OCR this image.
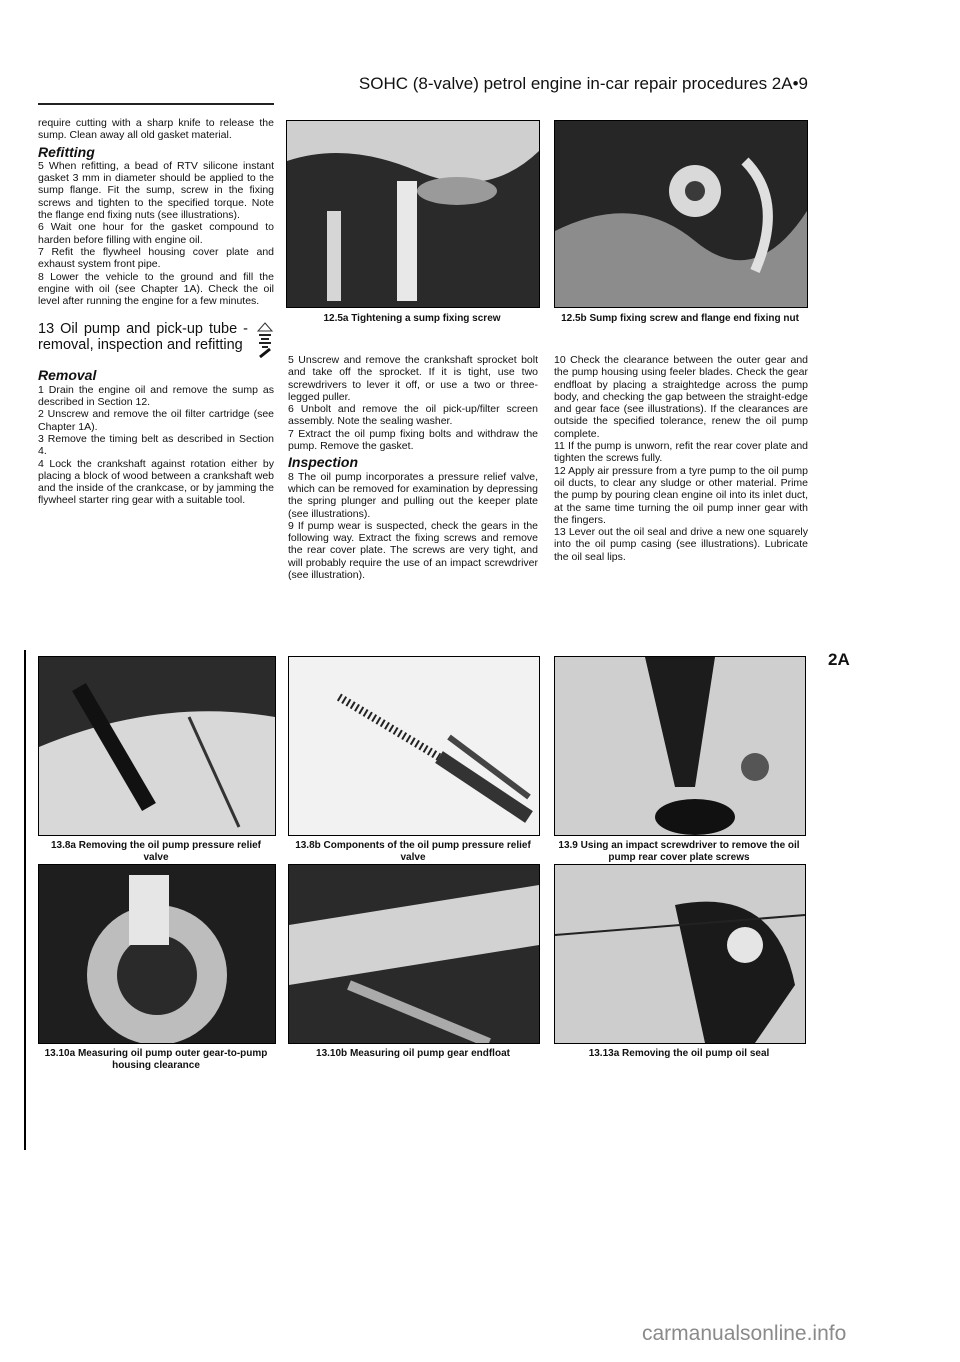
SOHC (8-valve) petrol engine in-car repair procedures 2A•9

require cutting with a sharp knife to release the sump. Clean away all old gasket material.

Refitting

5 When refitting, a bead of RTV silicone instant gasket 3 mm in diameter should be applied to the sump flange. Fit the sump, screw in the fixing screws and tighten to the specified torque. Note the flange end fixing nuts (see illustrations).

6 Wait one hour for the gasket compound to harden before filling with engine oil.

7 Refit the flywheel housing cover plate and exhaust system front pipe.

8 Lower the vehicle to the ground and fill the engine with oil (see Chapter 1A). Check the oil level after running the engine for a few minutes.

13 Oil pump and pick-up tube - removal, inspection and refitting
Removal

1 Drain the engine oil and remove the sump as described in Section 12.

2 Unscrew and remove the oil filter cartridge (see Chapter 1A).

3 Remove the timing belt as described in Section 4.

4 Lock the crankshaft against rotation either by placing a block of wood between a crankshaft web and the inside of the crankcase, or by jamming the flywheel starter ring gear with a suitable tool.

5 Unscrew and remove the crankshaft sprocket bolt and take off the sprocket. If it is tight, use two screwdrivers to lever it off, or use a two or three-legged puller.

6 Unbolt and remove the oil pick-up/filter screen assembly. Note the sealing washer.

7 Extract the oil pump fixing bolts and withdraw the pump. Remove the gasket.

Inspection

8 The oil pump incorporates a pressure relief valve, which can be removed for examination by depressing the spring plunger and pulling out the keeper plate (see illustrations).

9 If pump wear is suspected, check the gears in the following way. Extract the fixing screws and remove the rear cover plate. The screws are very tight, and will probably require the use of an impact screwdriver (see illustration).

10 Check the clearance between the outer gear and the pump housing using feeler blades. Check the gear endfloat by placing a straightedge across the pump body, and checking the gap between the straight-edge and gear face (see illustrations). If the clearances are outside the specified tolerance, renew the oil pump complete.

11 If the pump is unworn, refit the rear cover plate and tighten the screws fully.

12 Apply air pressure from a tyre pump to the oil pump oil ducts, to clear any sludge or other material. Prime the pump by pouring clean engine oil into its inlet duct, at the same time turning the oil pump inner gear with the fingers.

13 Lever out the oil seal and drive a new one squarely into the oil pump casing (see illustrations). Lubricate the oil seal lips.

12.5a Tightening a sump fixing screw	12.5b Sump fixing screw and flange end fixing nut
13.8a Removing the oil pump pressure relief valve
13.8b Components of the oil pump pressure relief valve
13.9 Using an impact screwdriver to remove the oil pump rear cover plate screws
13.10a Measuring oil pump outer gear-to-pump housing clearance
13.10b Measuring oil pump gear endfloat	13.13a Removing the oil pump oil seal
2A
carmanualsonline.info
